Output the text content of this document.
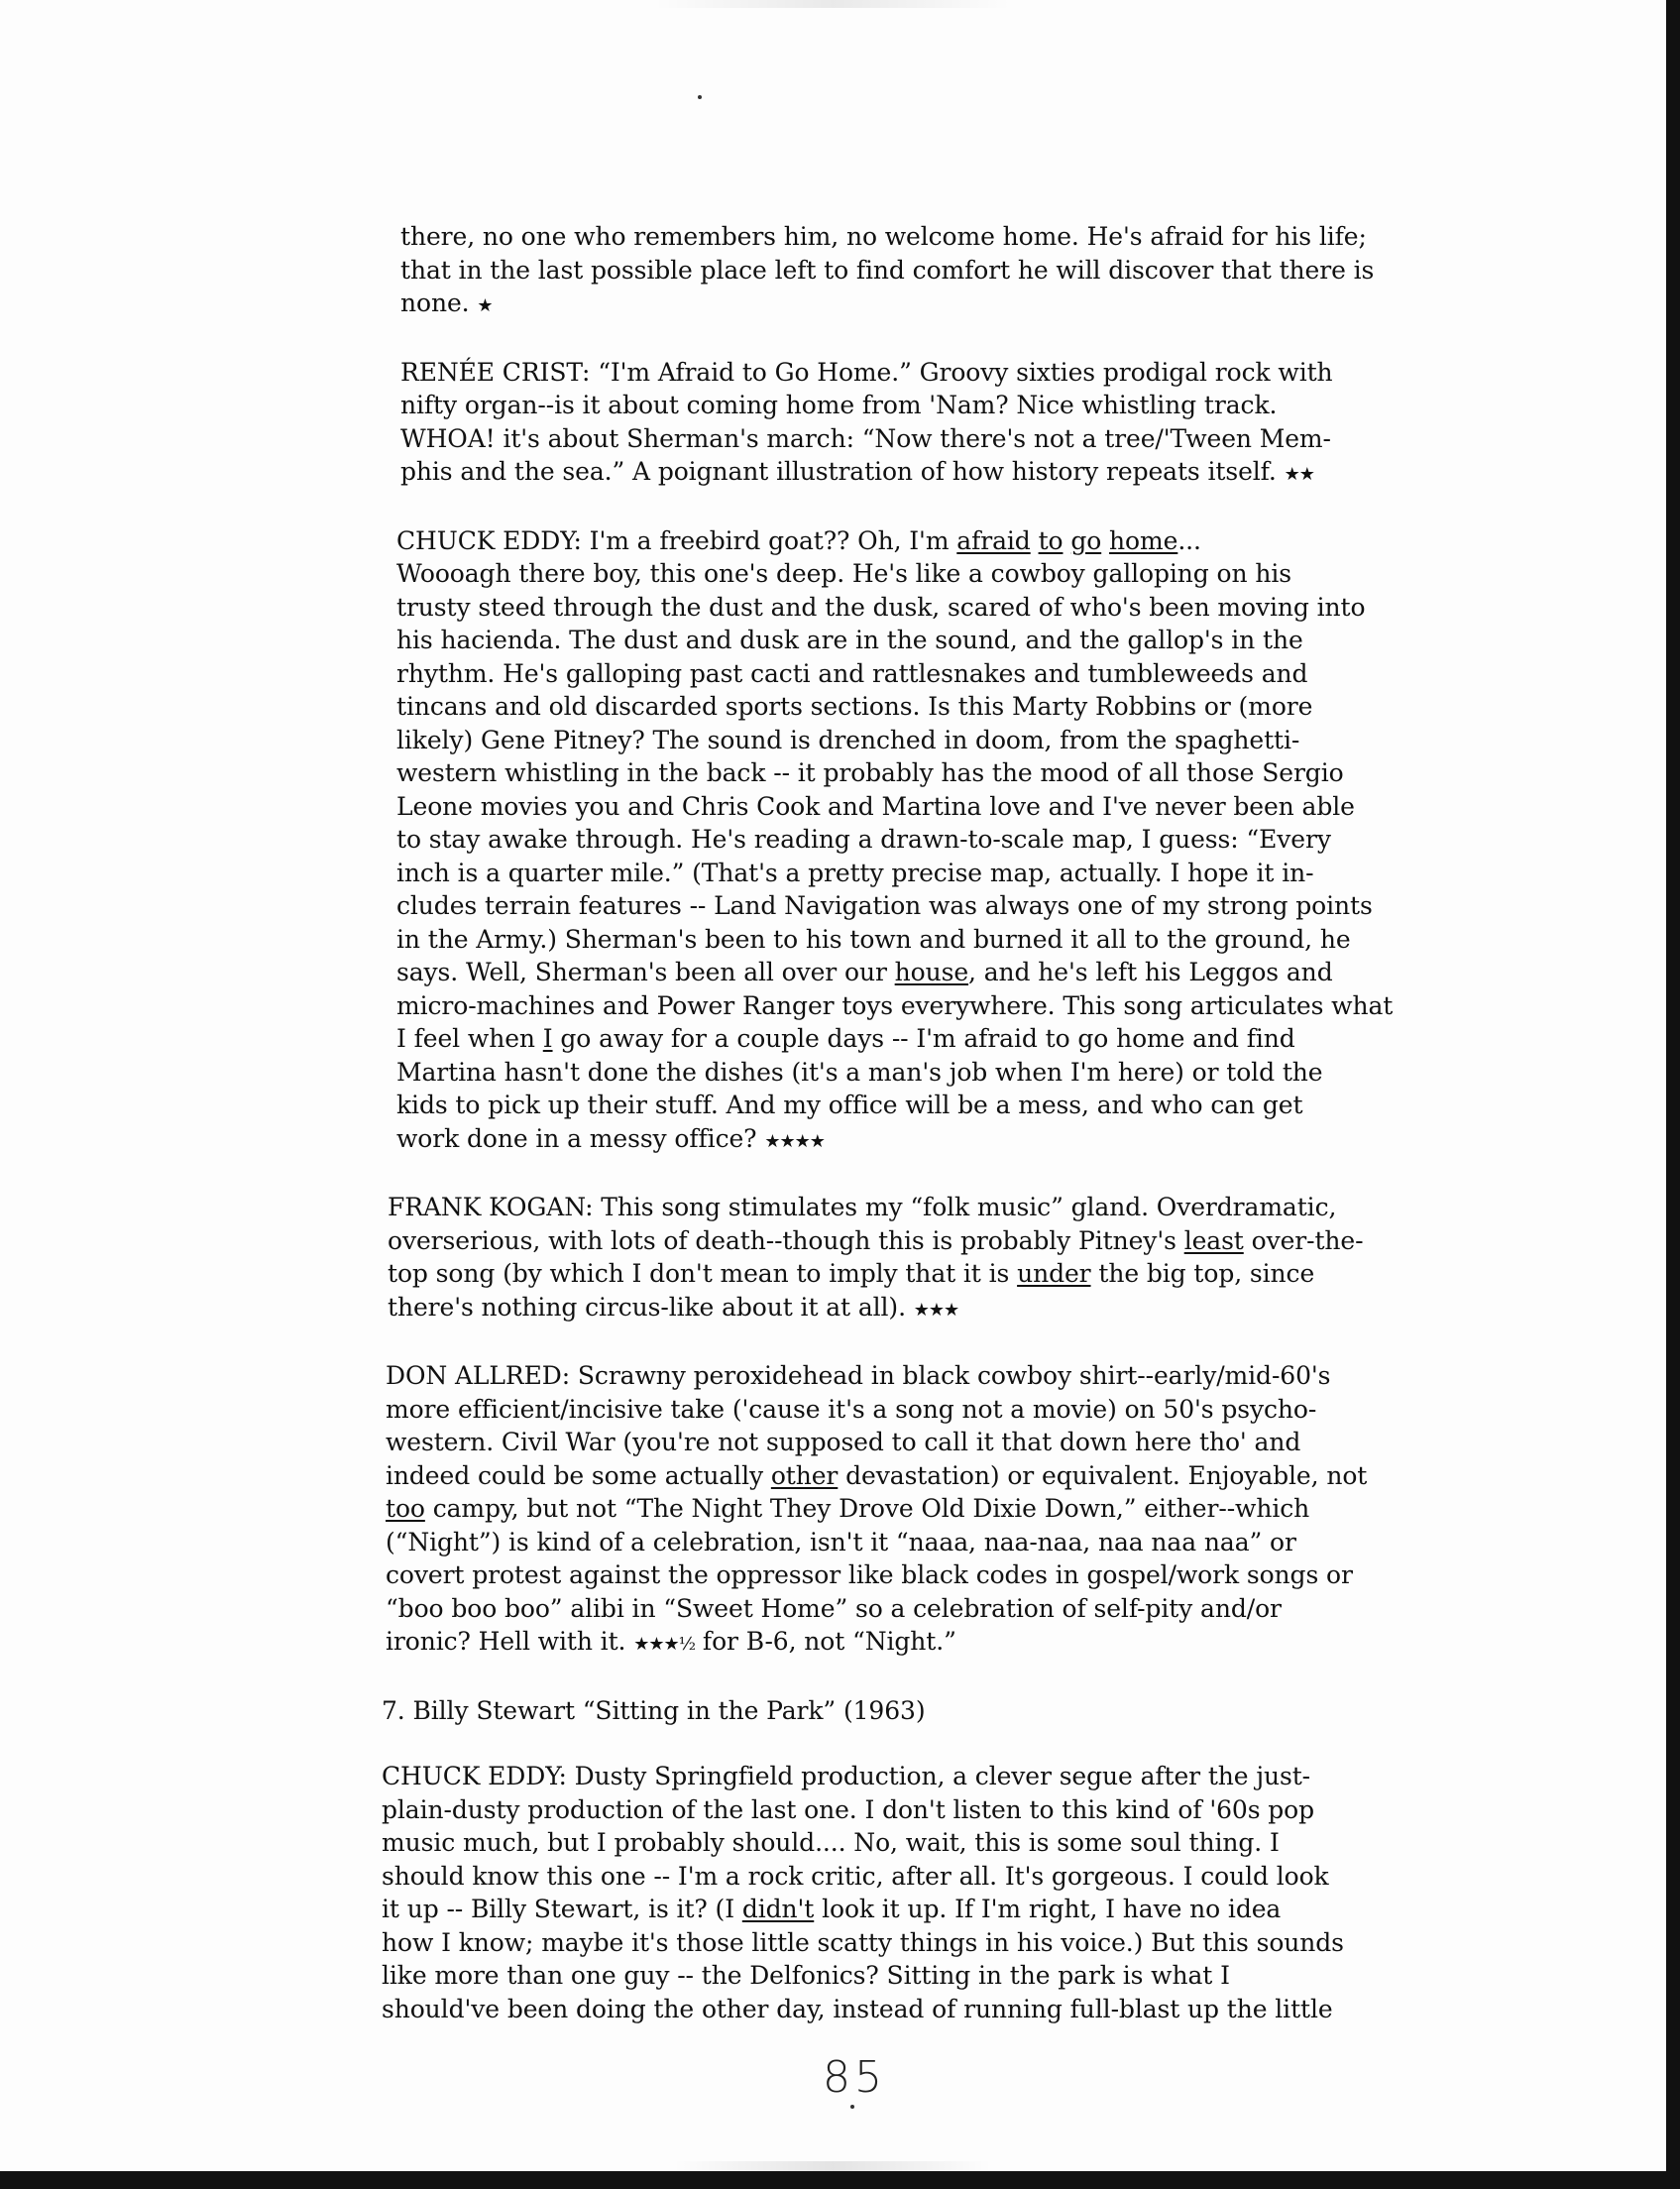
there, no one who remembers him, no welcome home. He's afraid for his life;
that in the last possible place left to find comfort he will discover that there is
none. ★
RENÉE CRIST: “I'm Afraid to Go Home.” Groovy sixties prodigal rock with
nifty organ--is it about coming home from 'Nam? Nice whistling track.
WHOA! it's about Sherman's march: “Now there's not a tree/'Tween Mem-
phis and the sea.” A poignant illustration of how history repeats itself. ★★
CHUCK EDDY: I'm a freebird goat?? Oh, I'm afraid to go home...
Woooagh there boy, this one's deep. He's like a cowboy galloping on his
trusty steed through the dust and the dusk, scared of who's been moving into
his hacienda. The dust and dusk are in the sound, and the gallop's in the
rhythm. He's galloping past cacti and rattlesnakes and tumbleweeds and
tincans and old discarded sports sections. Is this Marty Robbins or (more
likely) Gene Pitney? The sound is drenched in doom, from the spaghetti-
western whistling in the back -- it probably has the mood of all those Sergio
Leone movies you and Chris Cook and Martina love and I've never been able
to stay awake through. He's reading a drawn-to-scale map, I guess: “Every
inch is a quarter mile.” (That's a pretty precise map, actually. I hope it in-
cludes terrain features -- Land Navigation was always one of my strong points
in the Army.) Sherman's been to his town and burned it all to the ground, he
says. Well, Sherman's been all over our house, and he's left his Leggos and
micro-machines and Power Ranger toys everywhere. This song articulates what
I feel when I go away for a couple days -- I'm afraid to go home and find
Martina hasn't done the dishes (it's a man's job when I'm here) or told the
kids to pick up their stuff. And my office will be a mess, and who can get
work done in a messy office? ★★★★
FRANK KOGAN: This song stimulates my “folk music” gland. Overdramatic,
overserious, with lots of death--though this is probably Pitney's least over-the-
top song (by which I don't mean to imply that it is under the big top, since
there's nothing circus-like about it at all). ★★★
DON ALLRED: Scrawny peroxidehead in black cowboy shirt--early/mid-60's
more efficient/incisive take ('cause it's a song not a movie) on 50's psycho-
western. Civil War (you're not supposed to call it that down here tho' and
indeed could be some actually other devastation) or equivalent. Enjoyable, not
too campy, but not “The Night They Drove Old Dixie Down,” either--which
(“Night”) is kind of a celebration, isn't it “naaa, naa-naa, naa naa naa” or
covert protest against the oppressor like black codes in gospel/work songs or
“boo boo boo” alibi in “Sweet Home” so a celebration of self-pity and/or
ironic? Hell with it. ★★★½ for B-6, not “Night.”
7. Billy Stewart “Sitting in the Park” (1963)
CHUCK EDDY: Dusty Springfield production, a clever segue after the just-
plain-dusty production of the last one. I don't listen to this kind of '60s pop
music much, but I probably should.... No, wait, this is some soul thing. I
should know this one -- I'm a rock critic, after all. It's gorgeous. I could look
it up -- Billy Stewart, is it? (I didn't look it up. If I'm right, I have no idea
how I know; maybe it's those little scatty things in his voice.) But this sounds
like more than one guy -- the Delfonics? Sitting in the park is what I
should've been doing the other day, instead of running full-blast up the little
85
